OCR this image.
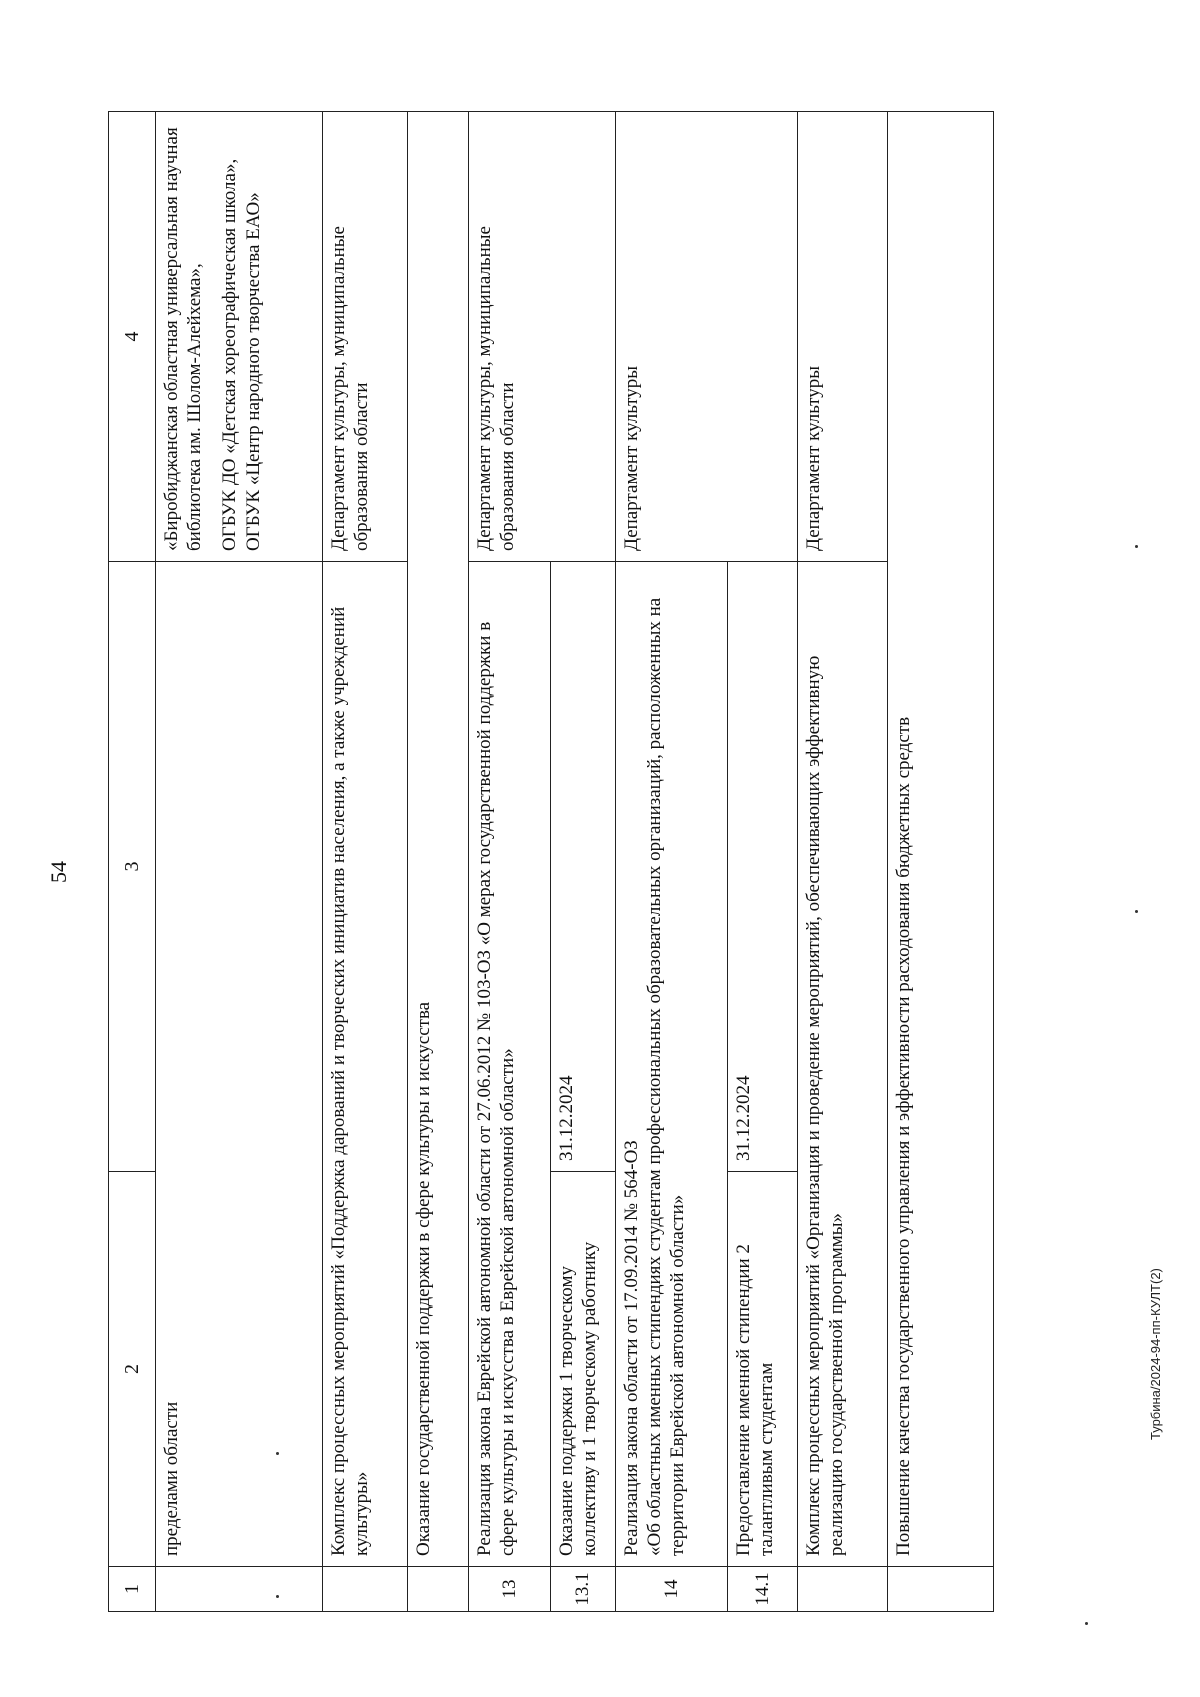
54
1	2	3	4
	пределами области		«Биробиджанская областная универсальная научная библиотека им. Шолом-Алейхема», ОГБУК ДО «Детская хореографическая школа», ОГБУК «Центр народного творчества ЕАО»

	Комплекс процессных мероприятий «Поддержка дарований и творческих инициатив населения, а также учреждений культуры»		Департамент культуры, муниципальные образования области
	Оказание государственной поддержки в сфере культуры и искусства		
13	Реализация закона Еврейской автономной области от 27.06.2012 № 103-ОЗ «О мерах государственной поддержки в сфере культуры и искусства в Еврейской автономной области»		Департамент культуры, муниципальные образования области
13.1	Оказание поддержки 1 творческому коллективу и 1 творческому работнику	31.12.2024	
14	Реализация закона области от 17.09.2014 № 564-ОЗ «Об областных именных стипендиях студентам профессиональных образовательных организаций, расположенных на территории Еврейской автономной области»		Департамент культуры
14.1	Предоставление именной стипендии 2 талантливым студентам	31.12.2024	
	Комплекс процессных мероприятий «Организация и проведение мероприятий, обеспечивающих эффективную реализацию государственной программы»		Департамент культуры
	Повышение качества государственного управления и эффективности расходования бюджетных средств			Турбина/2024-94-пп-КУЛТ(2)
